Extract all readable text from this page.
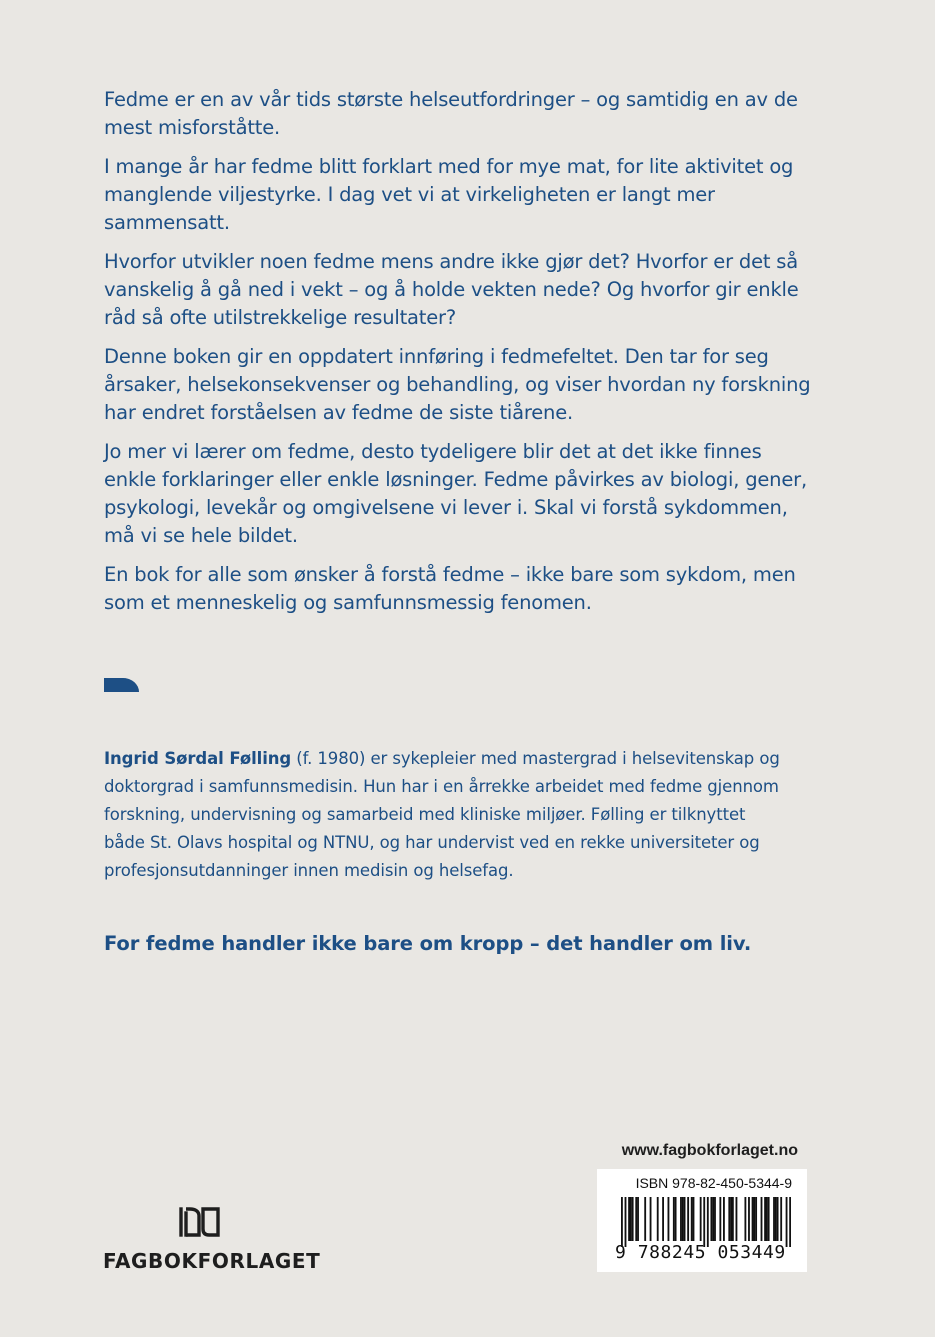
Fedme er en av vår tids største helseutfordringer – og samtidig en av de mest misforståtte.

I mange år har fedme blitt forklart med for mye mat, for lite aktivitet og manglende viljestyrke. I dag vet vi at virkeligheten er langt mer sammensatt.

Hvorfor utvikler noen fedme mens andre ikke gjør det? Hvorfor er det så vanskelig å gå ned i vekt – og å holde vekten nede? Og hvorfor gir enkle råd så ofte utilstrekkelige resultater?

Denne boken gir en oppdatert innføring i fedmefeltet. Den tar for seg årsaker, helsekonsekvenser og behandling, og viser hvordan ny forskning har endret forståelsen av fedme de siste tiårene.

Jo mer vi lærer om fedme, desto tydeligere blir det at det ikke finnes enkle forklaringer eller enkle løsninger. Fedme påvirkes av biologi, gener, psykologi, levekår og omgivelsene vi lever i. Skal vi forstå sykdommen, må vi se hele bildet.

En bok for alle som ønsker å forstå fedme – ikke bare som sykdom, men som et menneskelig og samfunnsmessig fenomen.

Ingrid Sørdal Følling (f. 1980) er sykepleier med mastergrad i helsevitenskap og doktorgrad i samfunnsmedisin. Hun har i en årrekke arbeidet med fedme gjennom forskning, undervisning og samarbeid med kliniske miljøer. Følling er tilknyttet både St. Olavs hospital og NTNU, og har undervist ved en rekke universiteter og profesjonsutdanninger innen medisin og helsefag.

For fedme handler ikke bare om kropp – det handler om liv.

FAGBOKFORLAGET
www.fagbokforlaget.no
ISBN 978-82-450-5344-9
9 788245 053449
